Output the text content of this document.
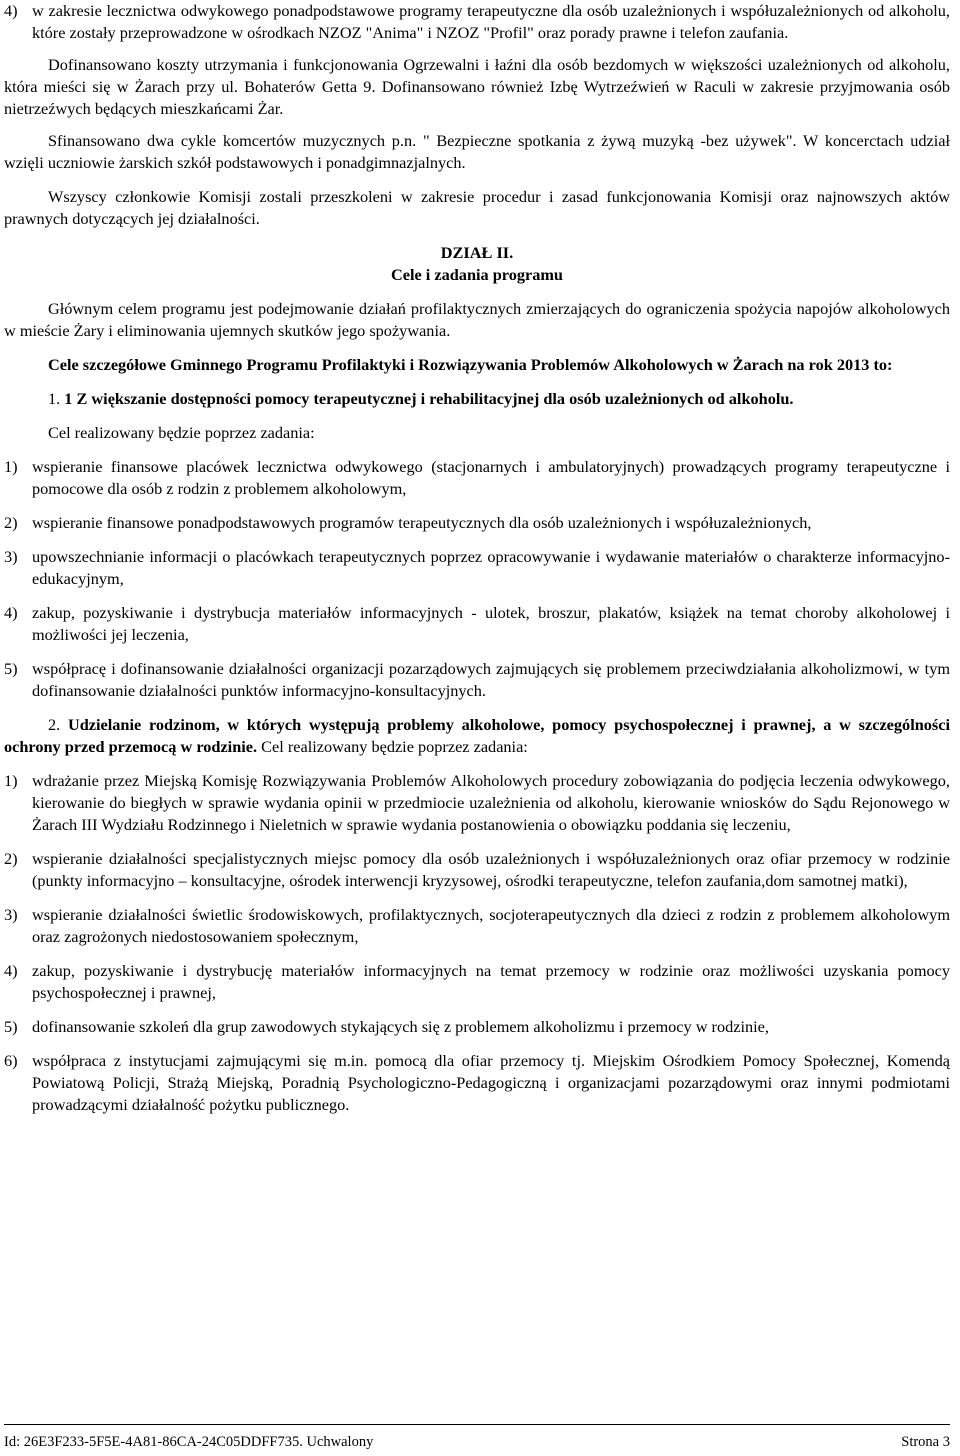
4) w zakresie lecznictwa odwykowego ponadpodstawowe programy terapeutyczne dla osób uzależnionych i współuzależnionych od alkoholu, które zostały przeprowadzone w ośrodkach NZOZ "Anima" i NZOZ "Profil" oraz porady prawne i telefon zaufania.

Dofinansowano koszty utrzymania i funkcjonowania Ogrzewalni i łaźni dla osób bezdomych w większości uzależnionych od alkoholu, która mieści się w Żarach przy ul. Bohaterów Getta 9. Dofinansowano również Izbę Wytrzeźwień w Raculi w zakresie przyjmowania osób nietrzeźwych będących mieszkańcami Żar.

Sfinansowano dwa cykle komcertów muzycznych p.n. " Bezpieczne spotkania z żywą muzyką -bez używek". W koncerctach udział wzięli uczniowie żarskich szkół podstawowych i ponadgimnazjalnych.

Wszyscy członkowie Komisji zostali przeszkoleni w zakresie procedur i zasad funkcjonowania Komisji oraz najnowszych aktów prawnych dotyczących jej działalności.

DZIAŁ II.
Cele i zadania programu

Głównym celem programu jest podejmowanie działań profilaktycznych zmierzających do ograniczenia spożycia napojów alkoholowych w mieście Żary i eliminowania ujemnych skutków jego spożywania.

Cele szczegółowe Gminnego Programu Profilaktyki i Rozwiązywania Problemów Alkoholowych w Żarach na rok 2013 to:

1. 1 Z większanie dostępności pomocy terapeutycznej i rehabilitacyjnej dla osób uzależnionych od alkoholu.

Cel realizowany będzie poprzez zadania:

1) wspieranie finansowe placówek lecznictwa odwykowego (stacjonarnych i ambulatoryjnych) prowadzących programy terapeutyczne i pomocowe dla osób z rodzin z problemem alkoholowym,
2) wspieranie finansowe ponadpodstawowych programów terapeutycznych dla osób uzależnionych i współuzależnionych,
3) upowszechnianie informacji o placówkach terapeutycznych poprzez opracowywanie i wydawanie materiałów o charakterze informacyjno-edukacyjnym,
4) zakup, pozyskiwanie i dystrybucja materiałów informacyjnych - ulotek, broszur, plakatów, książek na temat choroby alkoholowej i możliwości jej leczenia,
5) współpracę i dofinansowanie działalności organizacji pozarządowych zajmujących się problemem przeciwdziałania alkoholizmowi, w tym dofinansowanie działalności punktów informacyjno-konsultacyjnych.

2. Udzielanie rodzinom, w których występują problemy alkoholowe, pomocy psychospołecznej i prawnej, a w szczególności ochrony przed przemocą w rodzinie. Cel realizowany będzie poprzez zadania:

1) wdrażanie przez Miejską Komisję Rozwiązywania Problemów Alkoholowych procedury zobowiązania do podjęcia leczenia odwykowego, kierowanie do biegłych w sprawie wydania opinii w przedmiocie uzależnienia od alkoholu, kierowanie wniosków do Sądu Rejonowego w Żarach III Wydziału Rodzinnego i Nieletnich w sprawie wydania postanowienia o obowiązku poddania się leczeniu,
2) wspieranie działalności specjalistycznych miejsc pomocy dla osób uzależnionych i współuzależnionych oraz ofiar przemocy w rodzinie (punkty informacyjno – konsultacyjne, ośrodek interwencji kryzysowej, ośrodki terapeutyczne, telefon zaufania,dom samotnej matki),
3) wspieranie działalności świetlic środowiskowych, profilaktycznych, socjoterapeutycznych dla dzieci z rodzin z problemem alkoholowym oraz zagrożonych niedostosowaniem społecznym,
4) zakup, pozyskiwanie i dystrybucję materiałów informacyjnych na temat przemocy w rodzinie oraz możliwości uzyskania pomocy psychospołecznej i prawnej,
5) dofinansowanie szkoleń dla grup zawodowych stykających się z problemem alkoholizmu i przemocy w rodzinie,
6) współpraca z instytucjami zajmującymi się m.in. pomocą dla ofiar przemocy tj. Miejskim Ośrodkiem Pomocy Społecznej, Komendą Powiatową Policji, Strażą Miejską, Poradnią Psychologiczno-Pedagogiczną i organizacjami pozarządowymi oraz innymi podmiotami prowadzącymi działalność pożytku publicznego.
Id: 26E3F233-5F5E-4A81-86CA-24C05DDFF735. Uchwalony	Strona 3
